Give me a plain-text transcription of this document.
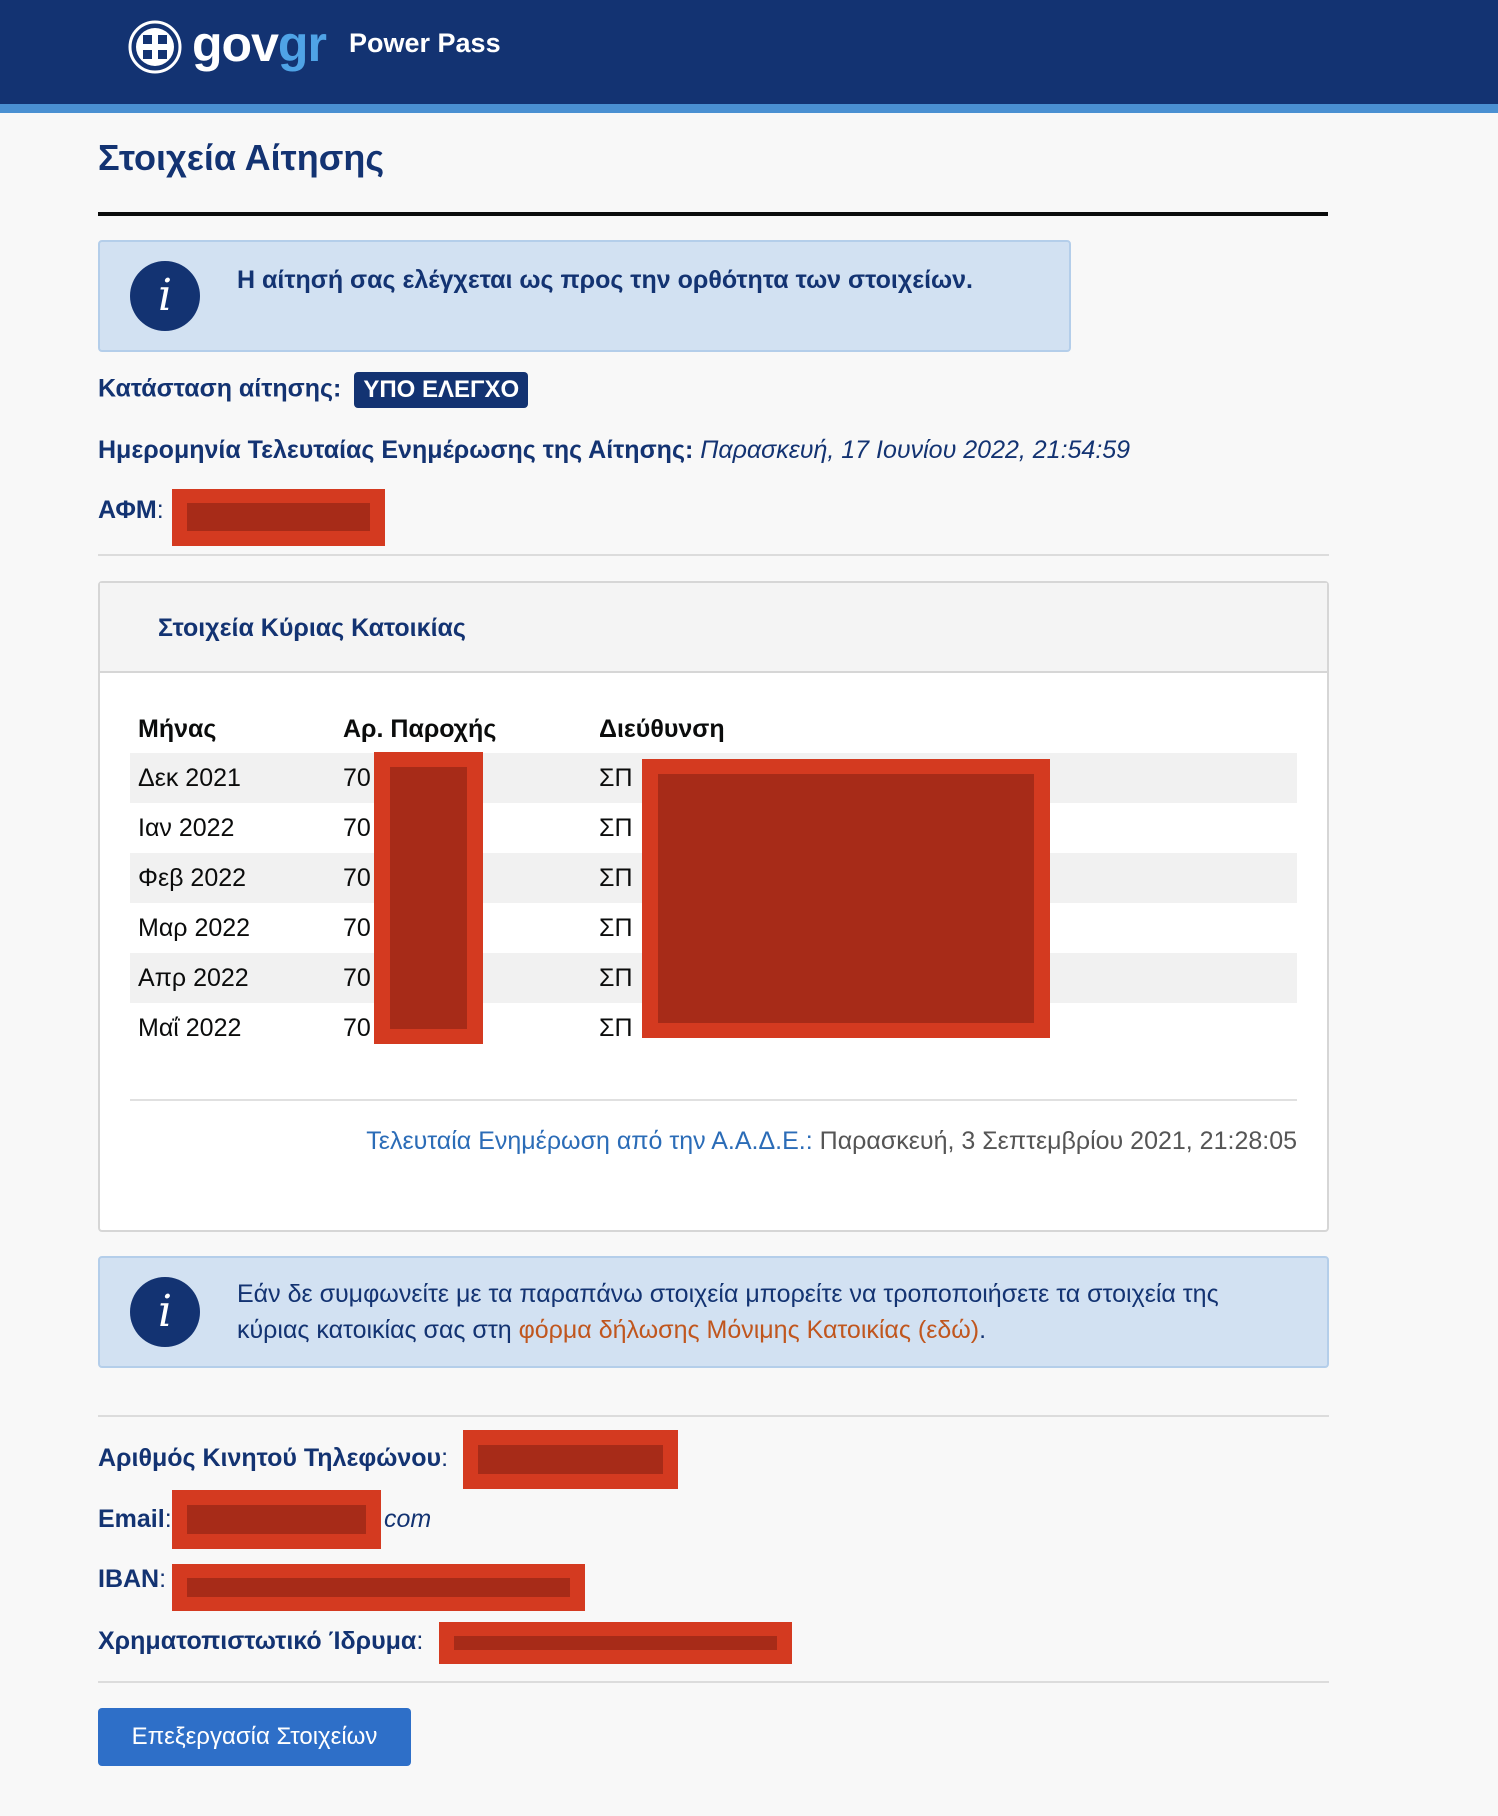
govgr Power Pass
Στοιχεία Αίτησης
i	Η αίτησή σας ελέγχεται ως προς την ορθότητα των στοιχείων.
Κατάσταση αίτησης: ΥΠΟ ΕΛΕΓΧΟ
Ημερομηνία Τελευταίας Ενημέρωσης της Αίτησης: Παρασκευή, 17 Ιουνίου 2022, 21:54:59
ΑΦΜ:
Στοιχεία Κύριας Κατοικίας
Μήνας	Αρ. Παροχής	Διεύθυνση
Δεκ 2021	70	ΣΠ
Ιαν 2022	70	ΣΠ
Φεβ 2022	70	ΣΠ
Μαρ 2022	70	ΣΠ
Απρ 2022	70	ΣΠ
Μαΐ 2022	70	ΣΠ
Τελευταία Ενημέρωση από την Α.Α.Δ.Ε.: Παρασκευή, 3 Σεπτεμβρίου 2021, 21:28:05
i	Εάν δε συμφωνείτε με τα παραπάνω στοιχεία μπορείτε να τροποποιήσετε τα στοιχεία της κύριας κατοικίας σας στη φόρμα δήλωσης Μόνιμης Κατοικίας (εδώ).
Αριθμός Κινητού Τηλεφώνου:
Email:	com
IBAN:
Χρηματοπιστωτικό Ίδρυμα:
Επεξεργασία Στοιχείων
